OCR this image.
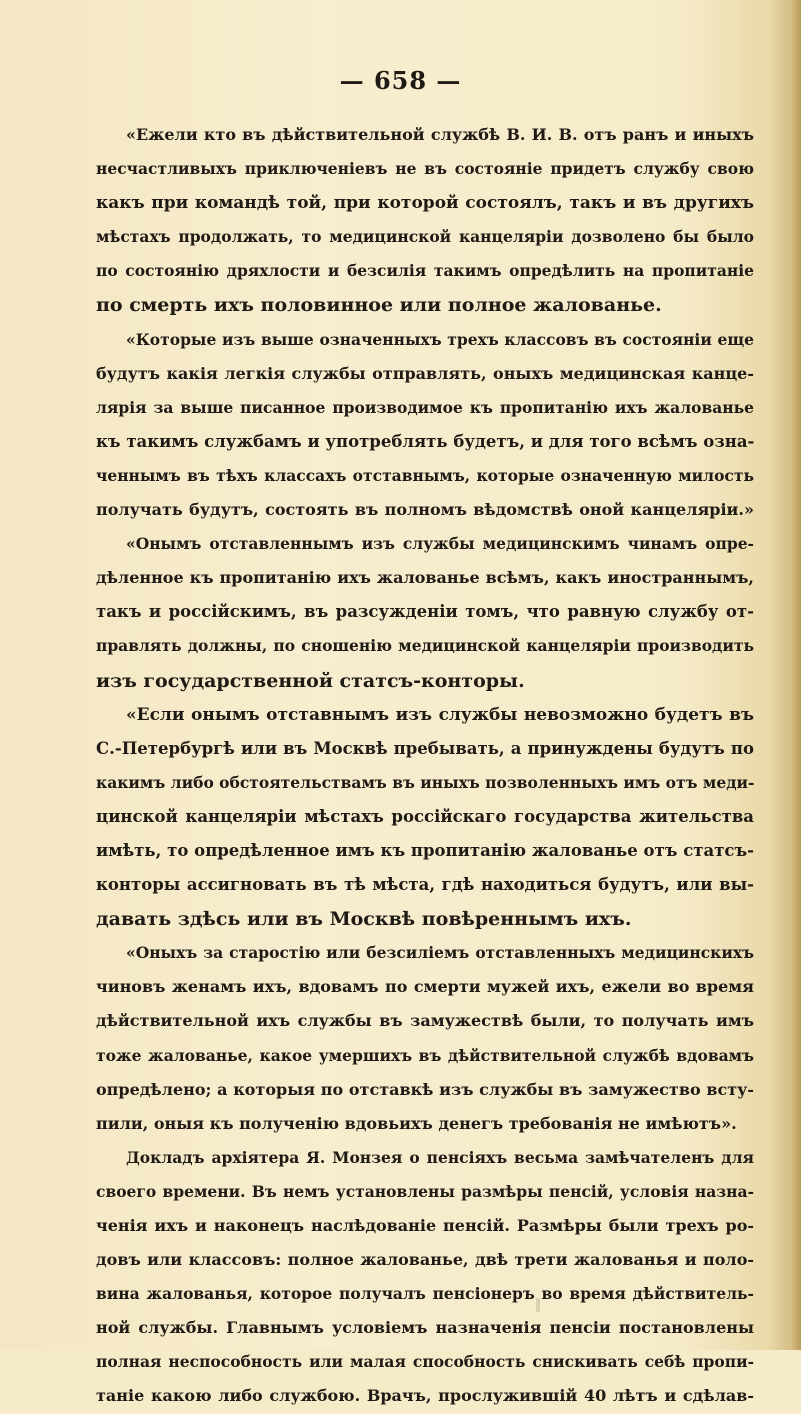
— 658 —
«Ежели кто въ дѣйствительной службѣ В. И. В. отъ ранъ и иныхъ
несчастливыхъ приключеніевъ не въ состояніе придетъ службу свою
какъ при командѣ той, при которой состоялъ, такъ и въ другихъ
мѣстахъ продолжать, то медицинской канцеляріи дозволено бы было
по состоянію дряхлости и безсилія такимъ опредѣлить на пропитаніе
по смерть ихъ половинное или полное жалованье.
«Которые изъ выше означенныхъ трехъ классовъ въ состояніи еще
будутъ какія легкія службы отправлять, оныхъ медицинская канце-
лярія за выше писанное производимое къ пропитанію ихъ жалованье
къ такимъ службамъ и употреблять будетъ, и для того всѣмъ озна-
ченнымъ въ тѣхъ классахъ отставнымъ, которые означенную милость
получать будутъ, состоять въ полномъ вѣдомствѣ оной канцеляріи.»
«Онымъ отставленнымъ изъ службы медицинскимъ чинамъ опре-
дѣленное къ пропитанію ихъ жалованье всѣмъ, какъ иностраннымъ,
такъ и россійскимъ, въ разсужденіи томъ, что равную службу от-
правлять должны, по сношенію медицинской канцеляріи производить
изъ государственной статсъ-конторы.
«Если онымъ отставнымъ изъ службы невозможно будетъ въ
С.-Петербургѣ или въ Москвѣ пребывать, а принуждены будутъ по
какимъ либо обстоятельствамъ въ иныхъ позволенныхъ имъ отъ меди-
цинской канцеляріи мѣстахъ россійскаго государства жительства
имѣть, то опредѣленное имъ къ пропитанію жалованье отъ статсъ-
конторы ассигновать въ тѣ мѣста, гдѣ находиться будутъ, или вы-
давать здѣсь или въ Москвѣ повѣреннымъ ихъ.
«Оныхъ за старостію или безсиліемъ отставленныхъ медицинскихъ
чиновъ женамъ ихъ, вдовамъ по смерти мужей ихъ, ежели во время
дѣйствительной ихъ службы въ замужествѣ были, то получать имъ
тоже жалованье, какое умершихъ въ дѣйствительной службѣ вдовамъ
опредѣлено; а которыя по отставкѣ изъ службы въ замужество всту-
пили, оныя къ полученію вдовьихъ денегъ требованія не имѣютъ».
Докладъ архіятера Я. Монзея о пенсіяхъ весьма замѣчателенъ для
своего времени. Въ немъ установлены размѣры пенсій, условія назна-
ченія ихъ и наконецъ наслѣдованіе пенсій. Размѣры были трехъ ро-
довъ или классовъ: полное жалованье, двѣ трети жалованья и поло-
вина жалованья, которое получалъ пенсіонеръ во время дѣйствитель-
ной службы. Главнымъ условіемъ назначенія пенсіи постановлены
полная неспособность или малая способность снискивать себѣ пропи-
таніе какою либо службою. Врачъ, прослужившій 40 лѣтъ и сдѣлав-
